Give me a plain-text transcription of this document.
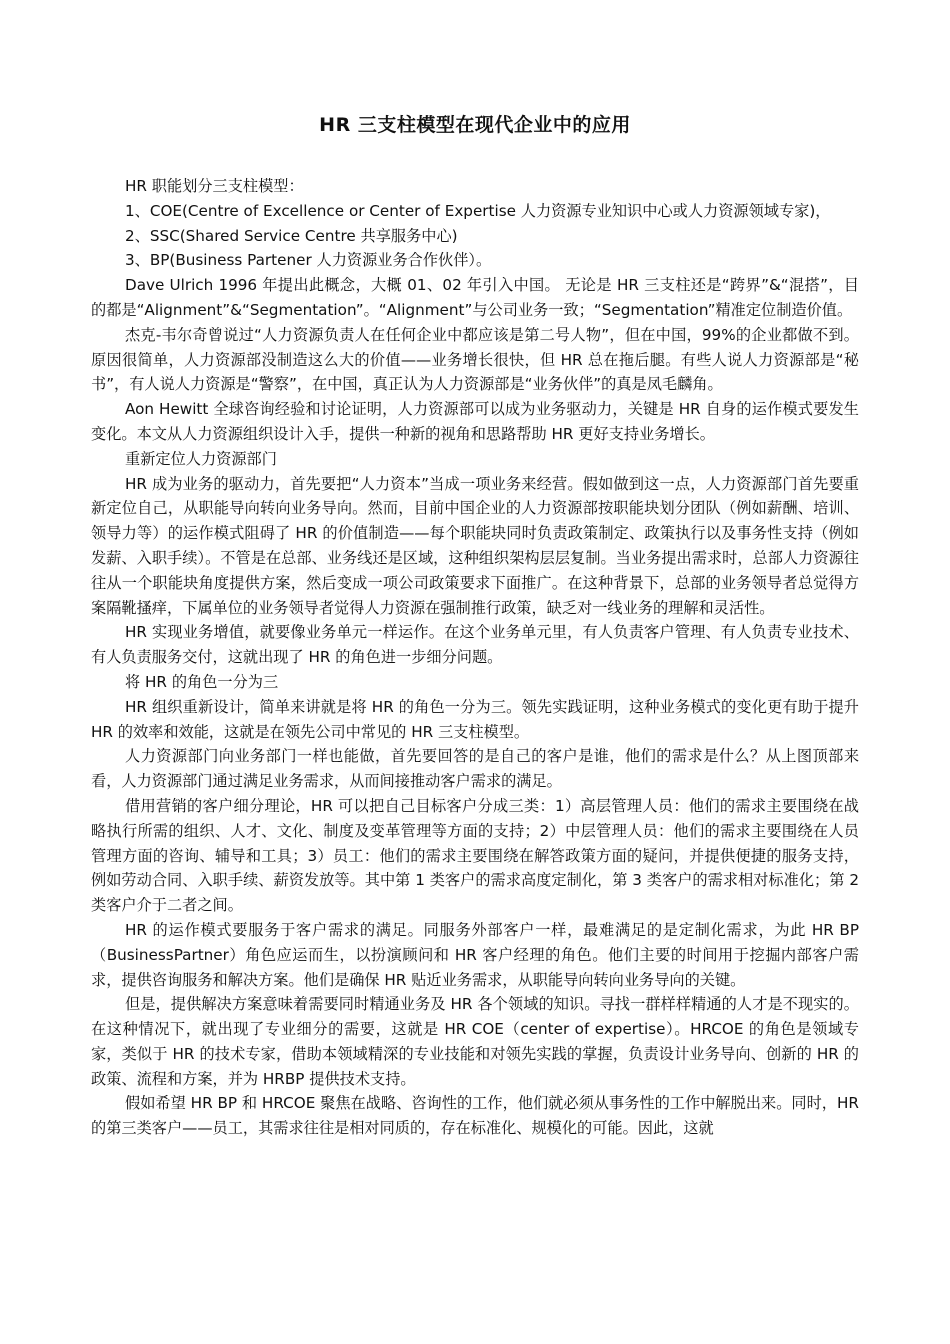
HR 三支柱模型在现代企业中的应用

HR 职能划分三支柱模型：

1、COE(Centre of Excellence or Center of Expertise 人力资源专业知识中心或人力资源领域专家)，

2、SSC(Shared Service Centre 共享服务中心)

3、BP(Business Partener 人力资源业务合作伙伴）。

Dave Ulrich 1996 年提出此概念，大概 01、02 年引入中国。 无论是 HR 三支柱还是“跨界”&“混搭”，目的都是“Alignment”&“Segmentation”。“Alignment”与公司业务一致；“Segmentation”精准定位制造价值。

杰克-韦尔奇曾说过“人力资源负责人在任何企业中都应该是第二号人物”，但在中国，99%的企业都做不到。原因很简单，人力资源部没制造这么大的价值——业务增长很快，但 HR 总在拖后腿。有些人说人力资源部是“秘书”，有人说人力资源是“警察”，在中国，真正认为人力资源部是“业务伙伴”的真是凤毛麟角。

Aon Hewitt 全球咨询经验和讨论证明，人力资源部可以成为业务驱动力，关键是 HR 自身的运作模式要发生变化。本文从人力资源组织设计入手，提供一种新的视角和思路帮助 HR 更好支持业务增长。

重新定位人力资源部门

HR 成为业务的驱动力，首先要把“人力资本”当成一项业务来经营。假如做到这一点，人力资源部门首先要重新定位自己，从职能导向转向业务导向。然而，目前中国企业的人力资源部按职能块划分团队（例如薪酬、培训、领导力等）的运作模式阻碍了 HR 的价值制造——每个职能块同时负责政策制定、政策执行以及事务性支持（例如发薪、入职手续）。不管是在总部、业务线还是区域，这种组织架构层层复制。当业务提出需求时，总部人力资源往往从一个职能块角度提供方案，然后变成一项公司政策要求下面推广。在这种背景下，总部的业务领导者总觉得方案隔靴搔痒，下属单位的业务领导者觉得人力资源在强制推行政策，缺乏对一线业务的理解和灵活性。

HR 实现业务增值，就要像业务单元一样运作。在这个业务单元里，有人负责客户管理、有人负责专业技术、有人负责服务交付，这就出现了 HR 的角色进一步细分问题。

将 HR 的角色一分为三

HR 组织重新设计，简单来讲就是将 HR 的角色一分为三。领先实践证明，这种业务模式的变化更有助于提升 HR 的效率和效能，这就是在领先公司中常见的 HR 三支柱模型。

人力资源部门向业务部门一样也能做，首先要回答的是自己的客户是谁，他们的需求是什么？从上图顶部来看，人力资源部门通过满足业务需求，从而间接推动客户需求的满足。

借用营销的客户细分理论，HR 可以把自己目标客户分成三类：1）高层管理人员：他们的需求主要围绕在战略执行所需的组织、人才、文化、制度及变革管理等方面的支持；2）中层管理人员：他们的需求主要围绕在人员管理方面的咨询、辅导和工具；3）员工：他们的需求主要围绕在解答政策方面的疑问，并提供便捷的服务支持，例如劳动合同、入职手续、薪资发放等。其中第 1 类客户的需求高度定制化，第 3 类客户的需求相对标准化；第 2 类客户介于二者之间。

HR 的运作模式要服务于客户需求的满足。同服务外部客户一样，最难满足的是定制化需求，为此 HR BP（BusinessPartner）角色应运而生，以扮演顾问和 HR 客户经理的角色。他们主要的时间用于挖掘内部客户需求，提供咨询服务和解决方案。他们是确保 HR 贴近业务需求，从职能导向转向业务导向的关键。

但是，提供解决方案意味着需要同时精通业务及 HR 各个领域的知识。寻找一群样样精通的人才是不现实的。在这种情况下，就出现了专业细分的需要，这就是 HR COE（center of expertise）。HRCOE 的角色是领域专家，类似于 HR 的技术专家，借助本领域精深的专业技能和对领先实践的掌握，负责设计业务导向、创新的 HR 的政策、流程和方案，并为 HRBP 提供技术支持。

假如希望 HR BP 和 HRCOE 聚焦在战略、咨询性的工作，他们就必须从事务性的工作中解脱出来。同时，HR 的第三类客户——员工，其需求往往是相对同质的，存在标准化、规模化的可能。因此，这就
